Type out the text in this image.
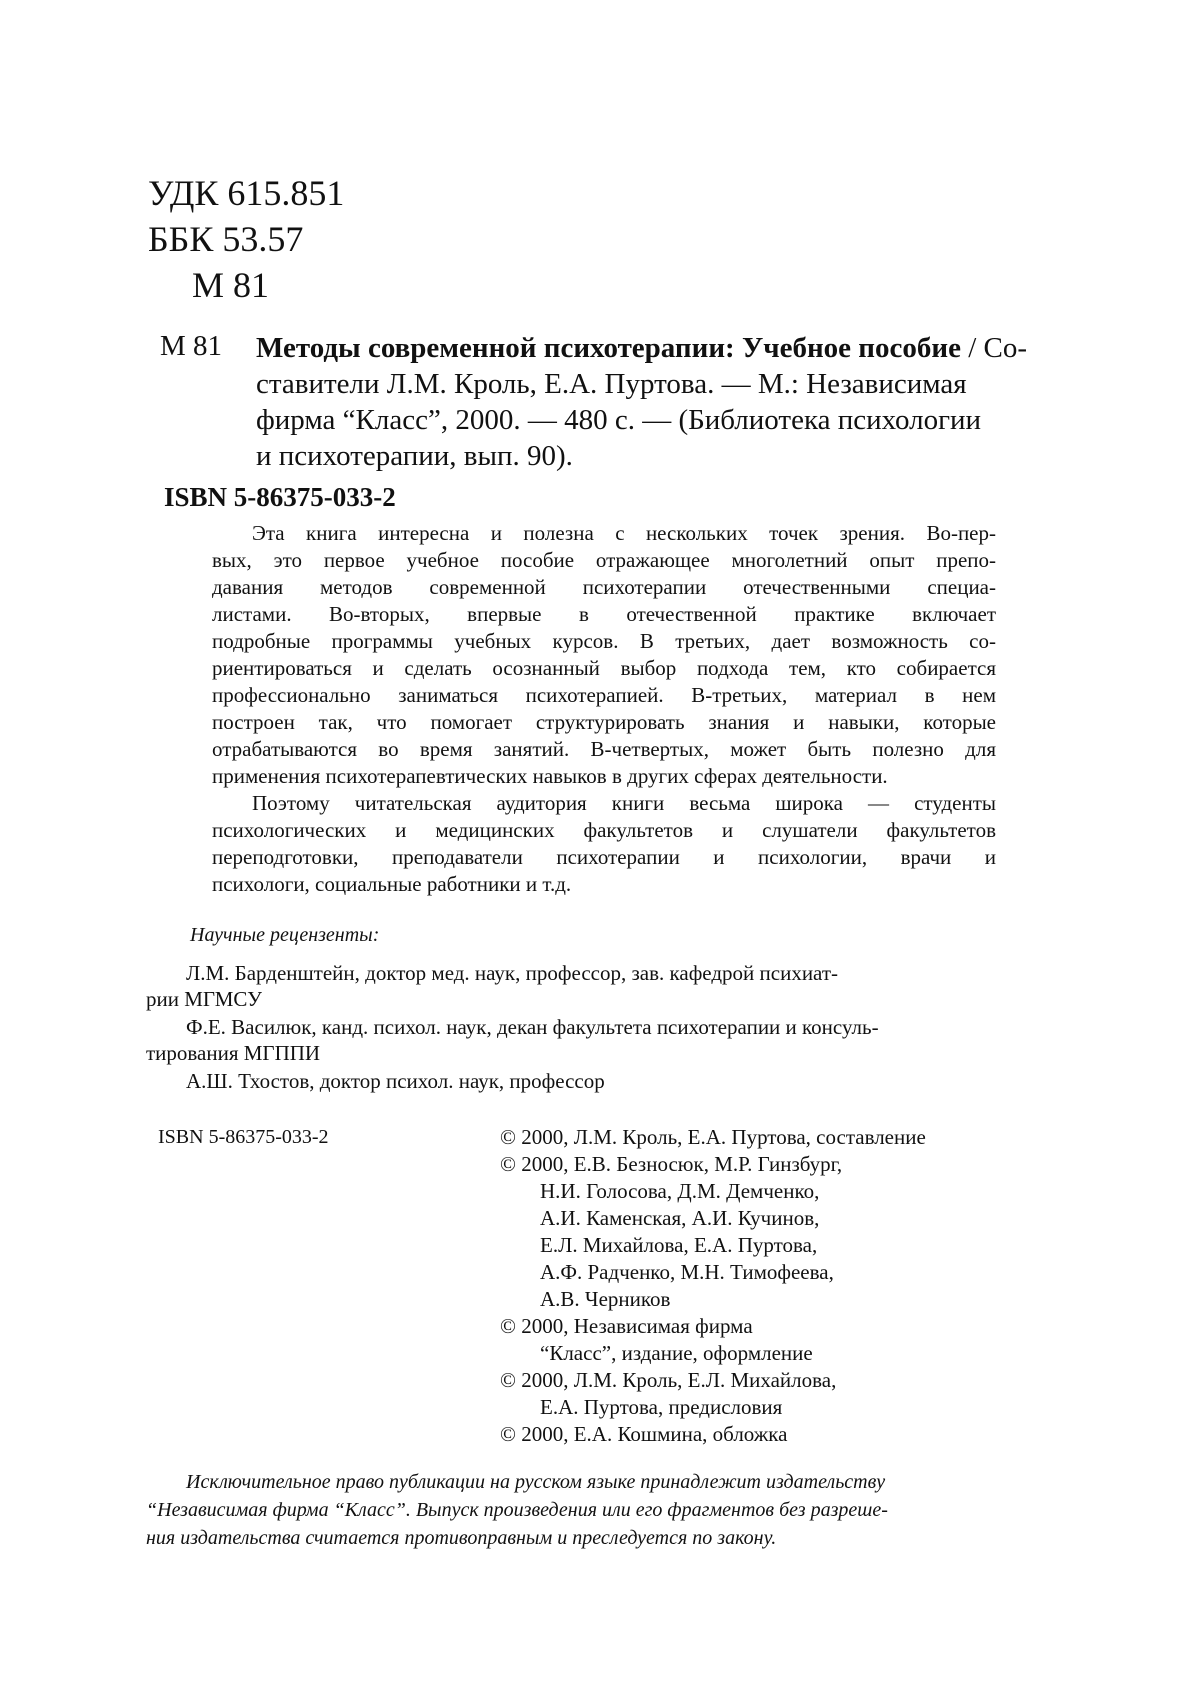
УДК 615.851
ББК 53.57
М 81
М 81 Методы современной психотерапии: Учебное пособие / Со-
ставители Л.М. Кроль, Е.А. Пуртова. — М.: Независимая
фирма “Класс”, 2000. — 480 с. — (Библиотека психологии
и психотерапии, вып. 90).
ISBN 5-86375-033-2
Эта книга интересна и полезна с нескольких точек зрения. Во-пер-
вых, это первое учебное пособие отражающее многолетний опыт препо-
давания методов современной психотерапии отечественными специа-
листами. Во-вторых, впервые в отечественной практике включает
подробные программы учебных курсов. В третьих, дает возможность со-
риентироваться и сделать осознанный выбор подхода тем, кто собирается
профессионально заниматься психотерапией. В-третьих, материал в нем
построен так, что помогает структурировать знания и навыки, которые
отрабатываются во время занятий. В-четвертых, может быть полезно для
применения психотерапевтических навыков в других сферах деятельности.
Поэтому читательская аудитория книги весьма широка — студенты
психологических и медицинских факультетов и слушатели факультетов
переподготовки, преподаватели психотерапии и психологии, врачи и
психологи, социальные работники и т.д.
Научные рецензенты:
Л.М. Барденштейн, доктор мед. наук, профессор, зав. кафедрой психиат-
рии МГМСУ
Ф.Е. Василюк, канд. психол. наук, декан факультета психотерапии и консуль-
тирования МГППИ
А.Ш. Тхостов, доктор психол. наук, профессор
ISBN 5-86375-033-2	© 2000, Л.М. Кроль, Е.А. Пуртова, составление
© 2000, Е.В. Безносюк, М.Р. Гинзбург,
Н.И. Голосова, Д.М. Демченко,
А.И. Каменская, А.И. Кучинов,
Е.Л. Михайлова, Е.А. Пуртова,
А.Ф. Радченко, М.Н. Тимофеева,
А.В. Черников
© 2000, Независимая фирма
“Класс”, издание, оформление
© 2000, Л.М. Кроль, Е.Л. Михайлова,
Е.А. Пуртова, предисловия
© 2000, Е.А. Кошмина, обложка
Исключительное право публикации на русском языке принадлежит издательству
“Независимая фирма “Класс”. Выпуск произведения или его фрагментов без разреше-
ния издательства считается противоправным и преследуется по закону.
